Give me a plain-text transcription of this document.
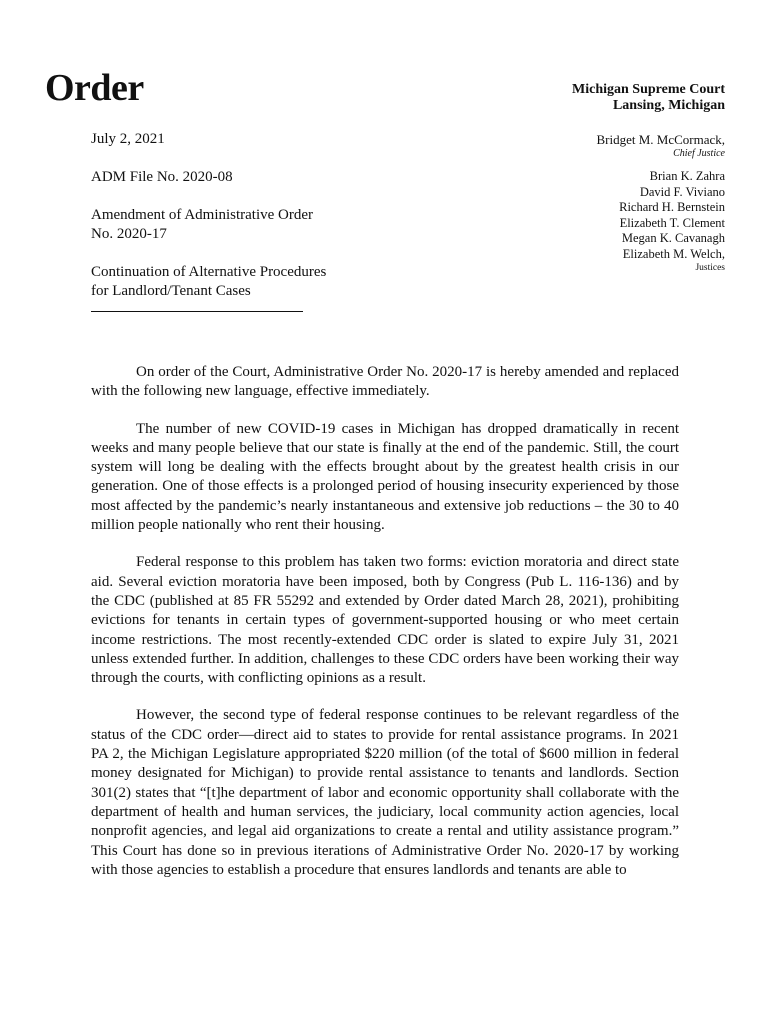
Order	Michigan Supreme Court
Lansing, Michigan
Bridget M. McCormack,
Chief Justice
Brian K. Zahra
David F. Viviano
Richard H. Bernstein
Elizabeth T. Clement
Megan K. Cavanagh
Elizabeth M. Welch,
Justices

July 2, 2021

ADM File No. 2020-08

Amendment of Administrative Order No. 2020-17

Continuation of Alternative Procedures for Landlord/Tenant Cases

On order of the Court, Administrative Order No. 2020-17 is hereby amended and replaced with the following new language, effective immediately.

The number of new COVID-19 cases in Michigan has dropped dramatically in recent weeks and many people believe that our state is finally at the end of the pandemic. Still, the court system will long be dealing with the effects brought about by the greatest health crisis in our generation. One of those effects is a prolonged period of housing insecurity experienced by those most affected by the pandemic’s nearly instantaneous and extensive job reductions – the 30 to 40 million people nationally who rent their housing.

Federal response to this problem has taken two forms: eviction moratoria and direct state aid. Several eviction moratoria have been imposed, both by Congress (Pub L. 116-136) and by the CDC (published at 85 FR 55292 and extended by Order dated March 28, 2021), prohibiting evictions for tenants in certain types of government-supported housing or who meet certain income restrictions. The most recently-extended CDC order is slated to expire July 31, 2021 unless extended further. In addition, challenges to these CDC orders have been working their way through the courts, with conflicting opinions as a result.

However, the second type of federal response continues to be relevant regardless of the status of the CDC order—direct aid to states to provide for rental assistance programs. In 2021 PA 2, the Michigan Legislature appropriated $220 million (of the total of $600 million in federal money designated for Michigan) to provide rental assistance to tenants and landlords. Section 301(2) states that “[t]he department of labor and economic opportunity shall collaborate with the department of health and human services, the judiciary, local community action agencies, local nonprofit agencies, and legal aid organizations to create a rental and utility assistance program.” This Court has done so in previous iterations of Administrative Order No. 2020-17 by working with those agencies to establish a procedure that ensures landlords and tenants are able to
